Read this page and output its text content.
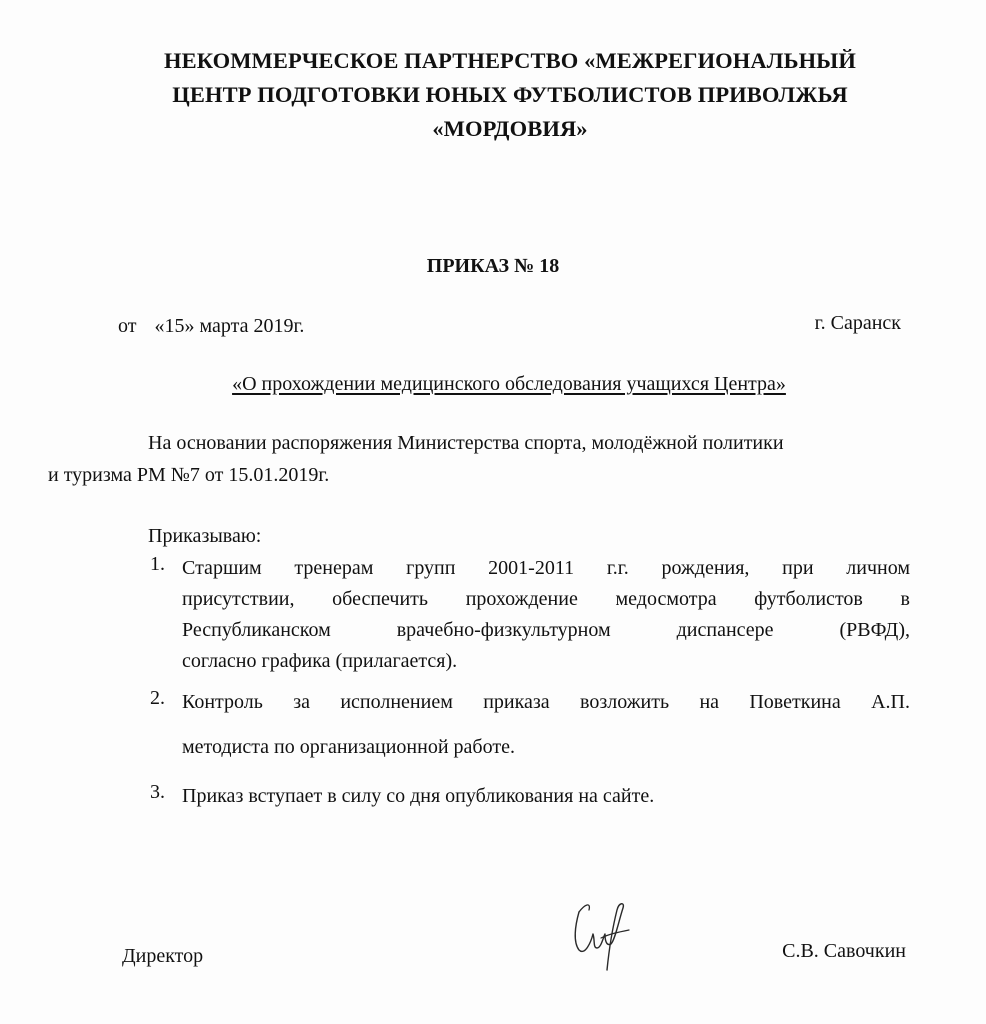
НЕКОММЕРЧЕСКОЕ ПАРТНЕРСТВО «МЕЖРЕГИОНАЛЬНЫЙ
ЦЕНТР ПОДГОТОВКИ ЮНЫХ ФУТБОЛИСТОВ ПРИВОЛЖЬЯ
«МОРДОВИЯ»
ПРИКАЗ № 18
от «15» марта 2019г.	г. Саранск
«О прохождении медицинского обследования учащихся Центра»
На основании распоряжения Министерства спорта, молодёжной политики
и туризма РМ №7 от 15.01.2019г.
Приказываю:
1. Старшим тренерам групп 2001-2011 г.г. рождения, при личном
присутствии, обеспечить прохождение медосмотра футболистов в
Республиканском врачебно-физкультурном диспансере (РВФД),
согласно графика (прилагается).
2. Контроль за исполнением приказа возложить на Поветкина А.П.
методиста по организационной работе.
3. Приказ вступает в силу со дня опубликования на сайте.
Директор	С.В. Савочкин
